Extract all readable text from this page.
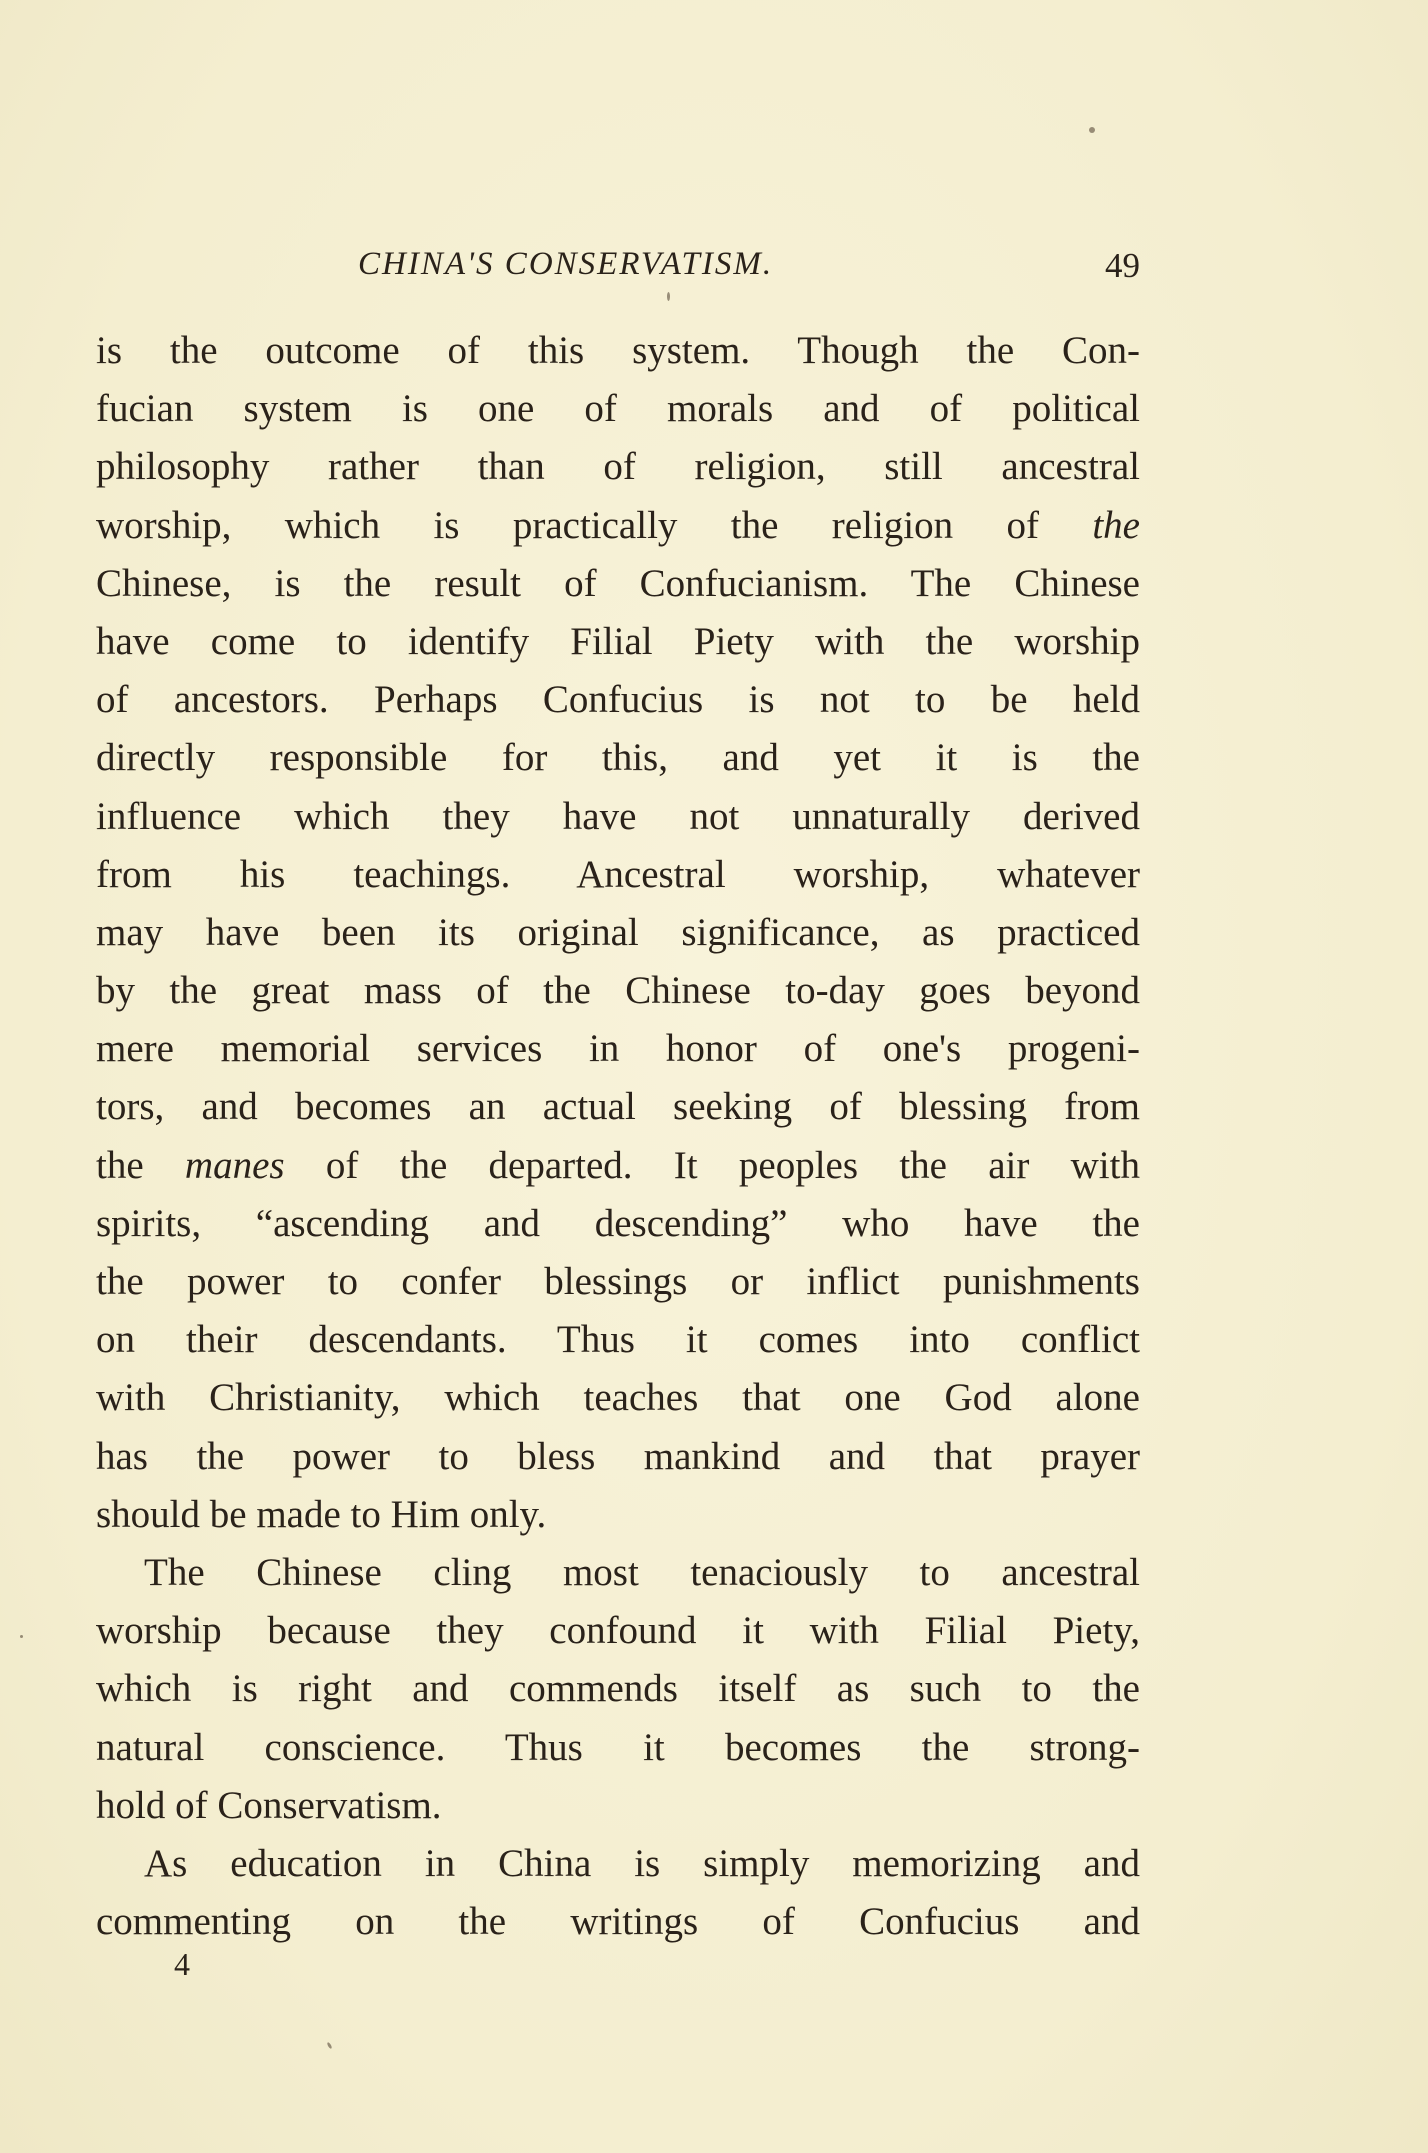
CHINA'S CONSERVATISM.	49
is the outcome of this system. Though the Con-
fucian system is one of morals and of political
philosophy rather than of religion, still ancestral
worship, which is practically the religion of the
Chinese, is the result of Confucianism. The Chinese
have come to identify Filial Piety with the worship
of ancestors. Perhaps Confucius is not to be held
directly responsible for this, and yet it is the
influence which they have not unnaturally derived
from his teachings. Ancestral worship, whatever
may have been its original significance, as practiced
by the great mass of the Chinese to-day goes beyond
mere memorial services in honor of one's progeni-
tors, and becomes an actual seeking of blessing from
the manes of the departed. It peoples the air with
spirits, “ascending and descending” who have the
the power to confer blessings or inflict punishments
on their descendants. Thus it comes into conflict
with Christianity, which teaches that one God alone
has the power to bless mankind and that prayer
should be made to Him only.
The Chinese cling most tenaciously to ancestral
worship because they confound it with Filial Piety,
which is right and commends itself as such to the
natural conscience. Thus it becomes the strong-
hold of Conservatism.
As education in China is simply memorizing and
commenting on the writings of Confucius and
4
